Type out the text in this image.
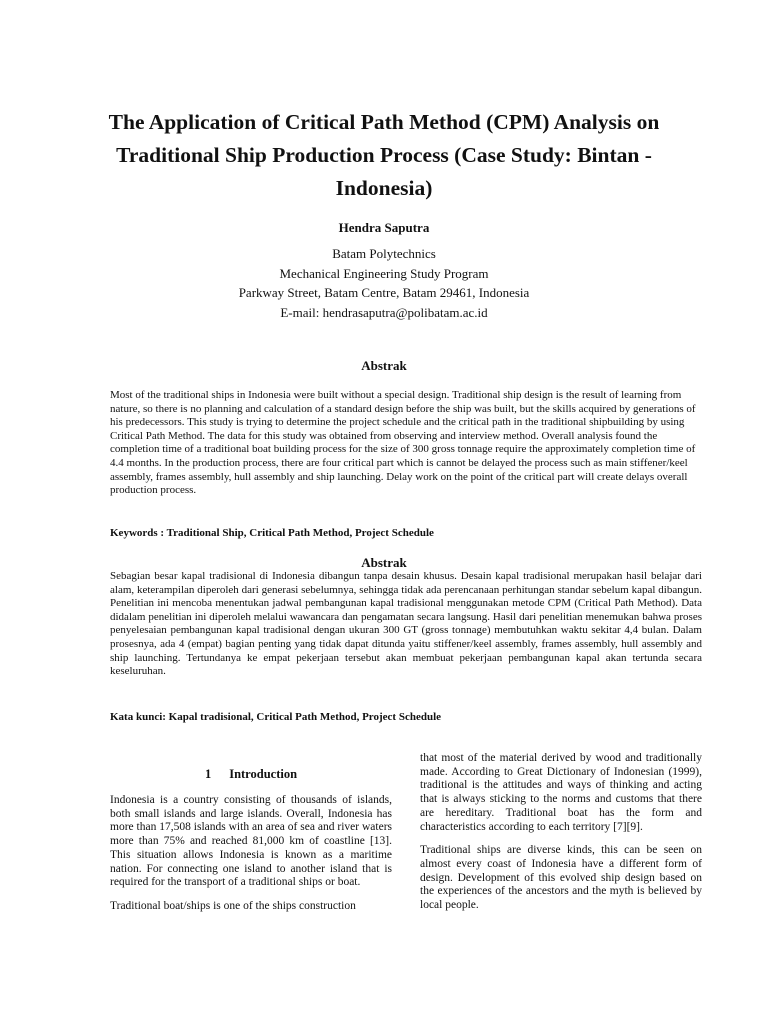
The Application of Critical Path Method (CPM) Analysis on Traditional Ship Production Process (Case Study: Bintan - Indonesia)
Hendra Saputra
Batam Polytechnics
Mechanical Engineering Study Program
Parkway Street, Batam Centre, Batam 29461, Indonesia
E-mail: hendrasaputra@polibatam.ac.id
Abstrak

Most of the traditional ships in Indonesia were built without a special design. Traditional ship design is the result of learning from nature, so there is no planning and calculation of a standard design before the ship was built, but the skills acquired by generations of his predecessors. This study is trying to determine the project schedule and the critical path in the traditional shipbuilding by using Critical Path Method. The data for this study was obtained from observing and interview method. Overall analysis found the completion time of a traditional boat building process for the size of 300 gross tonnage require the approximately completion time of 4.4 months. In the production process, there are four critical part which is cannot be delayed the process such as main stiffener/keel assembly, frames assembly, hull assembly and ship launching. Delay work on the point of the critical part will create delays overall production process.

Keywords : Traditional Ship, Critical Path Method, Project Schedule
Abstrak

Sebagian besar kapal tradisional di Indonesia dibangun tanpa desain khusus. Desain kapal tradisional merupakan hasil belajar dari alam, keterampilan diperoleh dari generasi sebelumnya, sehingga tidak ada perencanaan perhitungan standar sebelum kapal dibangun. Penelitian ini mencoba menentukan jadwal pembangunan kapal tradisional menggunakan metode CPM (Critical Path Method). Data didalam penelitian ini diperoleh melalui wawancara dan pengamatan secara langsung. Hasil dari penelitian menemukan bahwa proses penyelesaian pembangunan kapal tradisional dengan ukuran 300 GT (gross tonnage) membutuhkan waktu sekitar 4,4 bulan. Dalam prosesnya, ada 4 (empat) bagian penting yang tidak dapat ditunda yaitu stiffener/keel assembly, frames assembly, hull assembly and ship launching. Tertundanya ke empat pekerjaan tersebut akan membuat pekerjaan pembangunan kapal akan tertunda secara keseluruhan.

Kata kunci: Kapal tradisional, Critical Path Method, Project Schedule
1 Introduction

Indonesia is a country consisting of thousands of islands, both small islands and large islands. Overall, Indonesia has more than 17,508 islands with an area of sea and river waters more than 75% and reached 81,000 km of coastline [13]. This situation allows Indonesia is known as a maritime nation. For connecting one island to another island that is required for the transport of a traditional ships or boat.

Traditional boat/ships is one of the ships construction

that most of the material derived by wood and traditionally made. According to Great Dictionary of Indonesian (1999), traditional is the attitudes and ways of thinking and acting that is always sticking to the norms and customs that there are hereditary. Traditional boat has the form and characteristics according to each territory [7][9].

Traditional ships are diverse kinds, this can be seen on almost every coast of Indonesia have a different form of design. Development of this evolved ship design based on the experiences of the ancestors and the myth is believed by local people.
